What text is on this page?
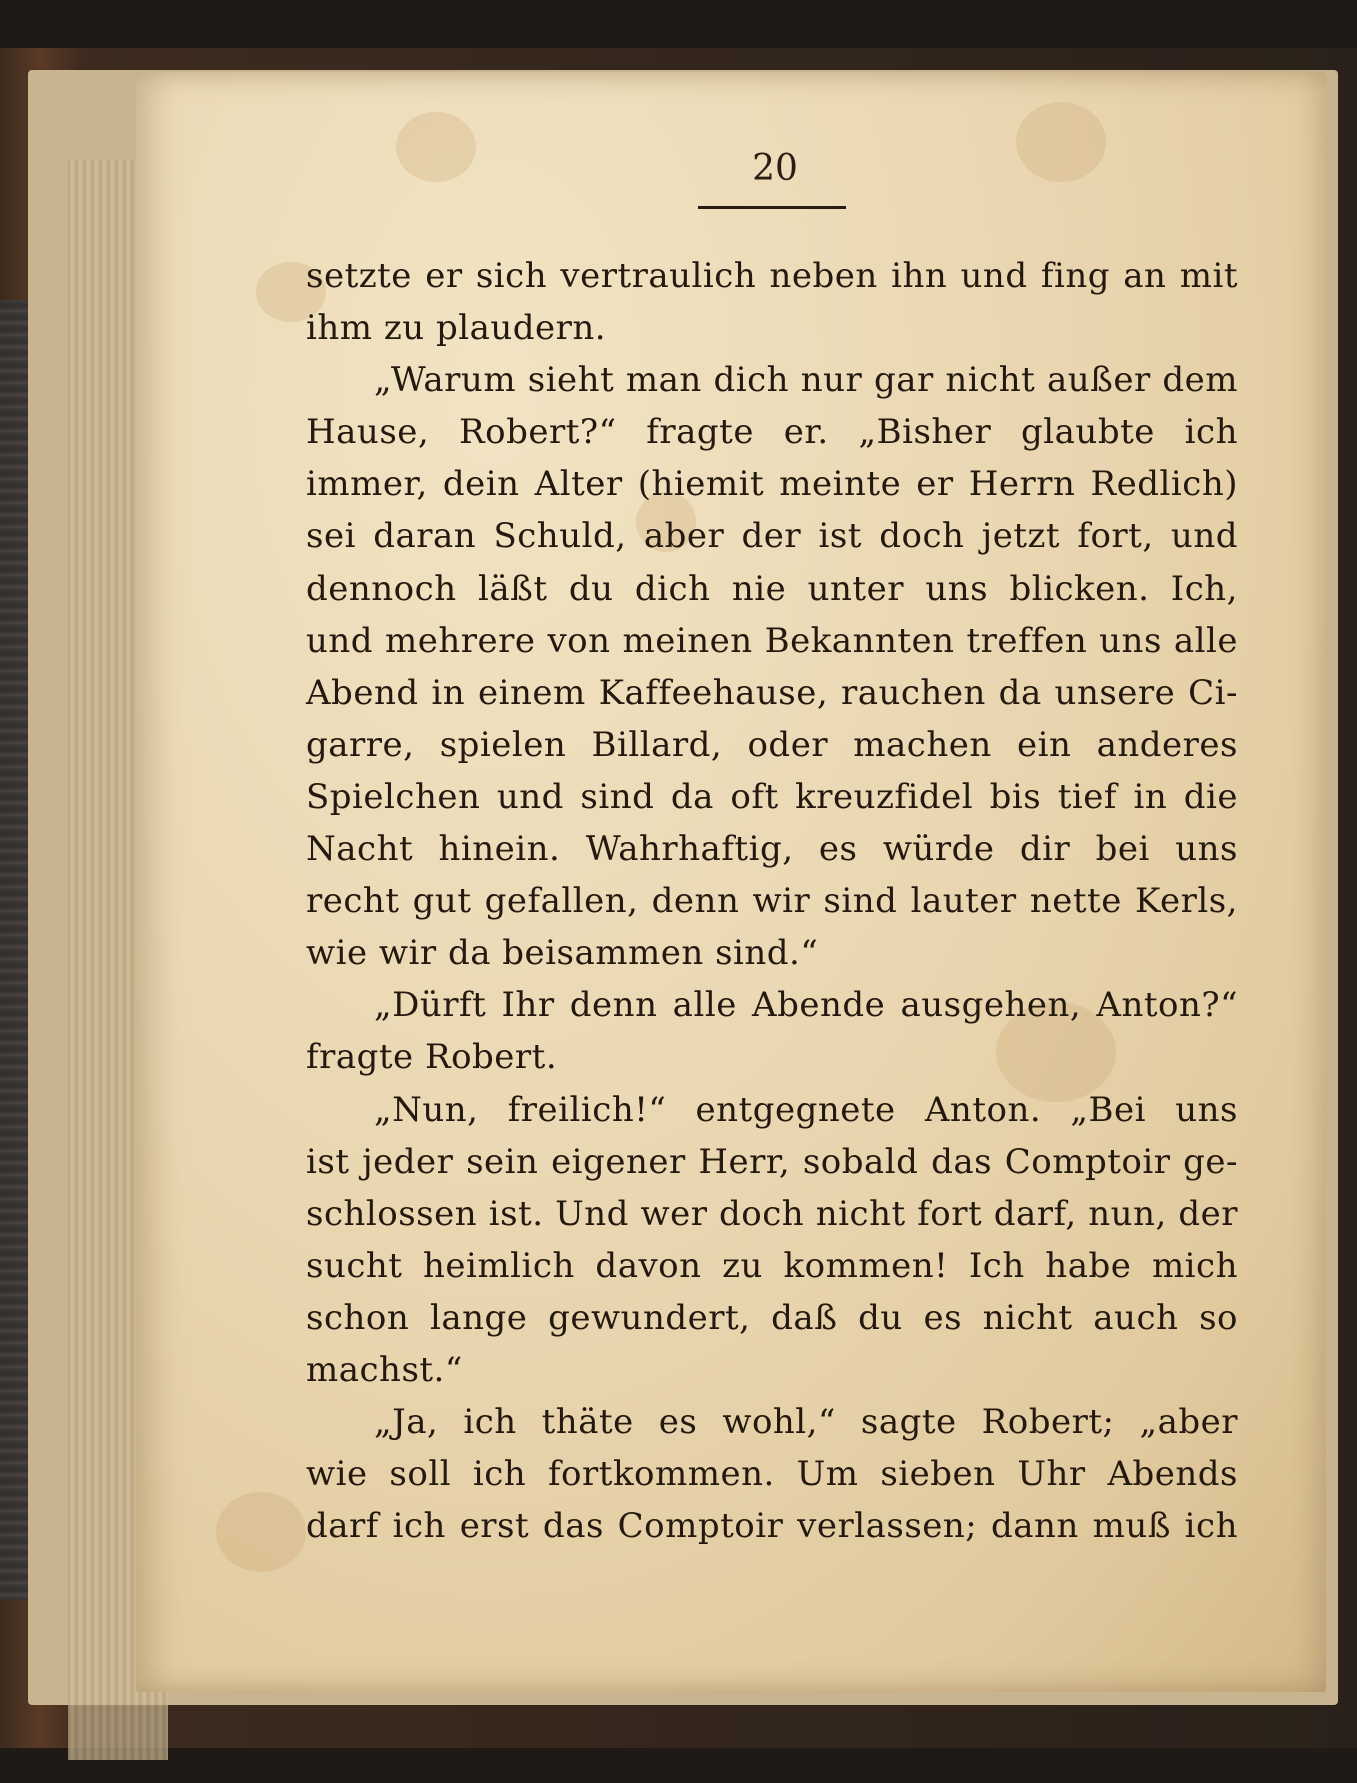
20
setzte er sich vertraulich neben ihn und fing an mit
ihm zu plaudern.
„Warum sieht man dich nur gar nicht außer dem
Hause, Robert?“ fragte er. „Bisher glaubte ich
immer, dein Alter (hiemit meinte er Herrn Redlich)
sei daran Schuld, aber der ist doch jetzt fort, und
dennoch läßt du dich nie unter uns blicken. Ich,
und mehrere von meinen Bekannten treffen uns alle
Abend in einem Kaffeehause, rauchen da unsere Ci-
garre, spielen Billard, oder machen ein anderes
Spielchen und sind da oft kreuzfidel bis tief in die
Nacht hinein. Wahrhaftig, es würde dir bei uns
recht gut gefallen, denn wir sind lauter nette Kerls,
wie wir da beisammen sind.“
„Dürft Ihr denn alle Abende ausgehen, Anton?“
fragte Robert.
„Nun, freilich!“ entgegnete Anton. „Bei uns
ist jeder sein eigener Herr, sobald das Comptoir ge-
schlossen ist. Und wer doch nicht fort darf, nun, der
sucht heimlich davon zu kommen! Ich habe mich
schon lange gewundert, daß du es nicht auch so
machst.“
„Ja, ich thäte es wohl,“ sagte Robert; „aber
wie soll ich fortkommen. Um sieben Uhr Abends
darf ich erst das Comptoir verlassen; dann muß ich
